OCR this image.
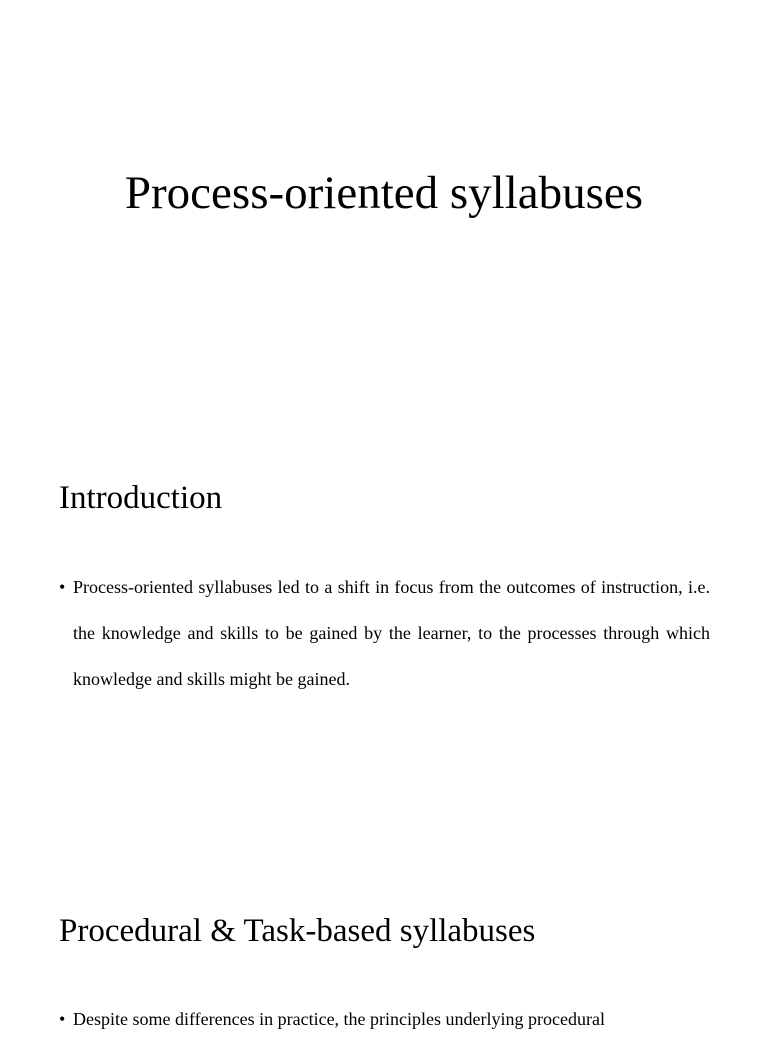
Process-oriented syllabuses
Introduction
• Process-oriented syllabuses led to a shift in focus from the outcomes of instruction, i.e. the knowledge and skills to be gained by the learner, to the processes through which knowledge and skills might be gained.
Procedural & Task-based syllabuses
• Despite some differences in practice, the principles underlying procedural
